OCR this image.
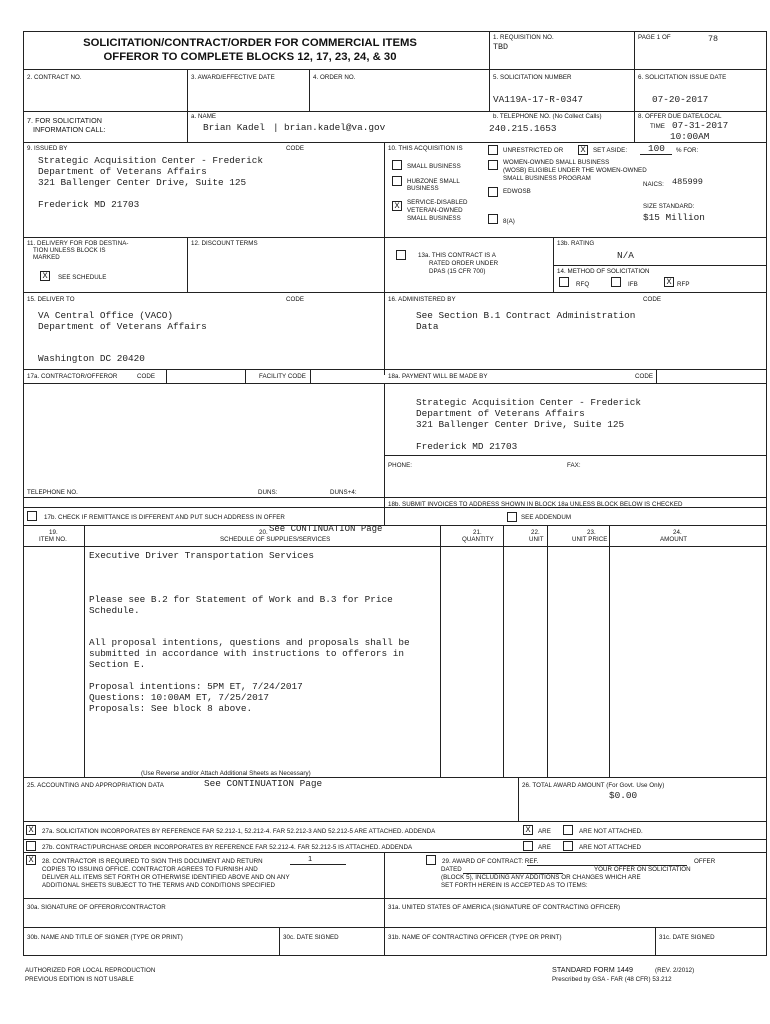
SOLICITATION/CONTRACT/ORDER FOR COMMERCIAL ITEMS
OFFEROR TO COMPLETE BLOCKS 12, 17, 23, 24, & 30
1. REQUISITION NO.
TBD
PAGE 1 OF	78
2. CONTRACT NO.	3. AWARD/EFFECTIVE DATE	4. ORDER NO.	5. SOLICITATION NUMBER
VA119A-17-R-0347
6. SOLICITATION ISSUE DATE
07-20-2017
7. FOR SOLICITATION
INFORMATION CALL:
a. NAME
Brian Kadel | brian.kadel@va.gov
b. TELEPHONE NO. (No Collect Calls)
240.215.1653
8. OFFER DUE DATE/LOCAL
TIME 07-31-2017
10:00AM
9. ISSUED BY	CODE
Strategic Acquisition Center - Frederick
Department of Veterans Affairs
321 Ballenger Center Drive, Suite 125
Frederick MD 21703
10. THIS ACQUISITION IS	UNRESTRICTED OR X	SET ASIDE: 100 % FOR:
SMALL BUSINESS
HUBZONE SMALL
BUSINESS
X	SERVICE-DISABLED
VETERAN-OWNED
SMALL BUSINESS
WOMEN-OWNED SMALL BUSINESS
(WOSB) ELIGIBLE UNDER THE WOMEN-OWNED
SMALL BUSINESS PROGRAM
EDWOSB
8(A)
NAICS: 485999
SIZE STANDARD:
$15 Million
11. DELIVERY FOR FOB DESTINA-
TION UNLESS BLOCK IS
MARKED
X	SEE SCHEDULE
12. DISCOUNT TERMS
13a. THIS CONTRACT IS A
RATED ORDER UNDER
DPAS (15 CFR 700)
13b. RATING
N/A
14. METHOD OF SOLICITATION
RFQ	IFB	X RFP
15. DELIVER TO	CODE
VA Central Office (VACO)
Department of Veterans Affairs
Washington DC 20420
16. ADMINISTERED BY	CODE
See Section B.1 Contract Administration
Data
17a. CONTRACTOR/OFFEROR	CODE	FACILITY CODE	18a. PAYMENT WILL BE MADE BY	CODE
Strategic Acquisition Center - Frederick
Department of Veterans Affairs
321 Ballenger Center Drive, Suite 125
Frederick MD 21703
PHONE:	FAX:
TELEPHONE NO.	DUNS:	DUNS+4:
17b. CHECK IF REMITTANCE IS DIFFERENT AND PUT SUCH ADDRESS IN OFFER
18b. SUBMIT INVOICES TO ADDRESS SHOWN IN BLOCK 18a UNLESS BLOCK BELOW IS CHECKED
SEE ADDENDUM
19.
ITEM NO.
20. See CONTINUATION Page
SCHEDULE OF SUPPLIES/SERVICES
21.
QUANTITY
22.
UNIT
23.
UNIT PRICE
24.
AMOUNT
Executive Driver Transportation Services
Please see B.2 for Statement of Work and B.3 for Price
Schedule.
All proposal intentions, questions and proposals shall be
submitted in accordance with instructions to offerors in
Section E.
Proposal intentions: 5PM ET, 7/24/2017
Questions: 10:00AM ET, 7/25/2017
Proposals: See block 8 above.
(Use Reverse and/or Attach Additional Sheets as Necessary)
25. ACCOUNTING AND APPROPRIATION DATA	See CONTINUATION Page	26. TOTAL AWARD AMOUNT (For Govt. Use Only)
$0.00
X	27a. SOLICITATION INCORPORATES BY REFERENCE FAR 52.212-1, 52.212-4. FAR 52.212-3 AND 52.212-5 ARE ATTACHED. ADDENDA	X	ARE	ARE NOT ATTACHED.
27b. CONTRACT/PURCHASE ORDER INCORPORATES BY REFERENCE FAR 52.212-4. FAR 52.212-5 IS ATTACHED. ADDENDA	ARE	ARE NOT ATTACHED
X	28. CONTRACTOR IS REQUIRED TO SIGN THIS DOCUMENT AND RETURN	1
COPIES TO ISSUING OFFICE. CONTRACTOR AGREES TO FURNISH AND
DELIVER ALL ITEMS SET FORTH OR OTHERWISE IDENTIFIED ABOVE AND ON ANY
ADDITIONAL SHEETS SUBJECT TO THE TERMS AND CONDITIONS SPECIFIED
29. AWARD OF CONTRACT: REF.	OFFER
DATED	YOUR OFFER ON SOLICITATION
(BLOCK 5), INCLUDING ANY ADDITIONS OR CHANGES WHICH ARE
SET FORTH HEREIN IS ACCEPTED AS TO ITEMS:
30a. SIGNATURE OF OFFEROR/CONTRACTOR	31a. UNITED STATES OF AMERICA (SIGNATURE OF CONTRACTING OFFICER)
30b. NAME AND TITLE OF SIGNER (TYPE OR PRINT)	30c. DATE SIGNED	31b. NAME OF CONTRACTING OFFICER (TYPE OR PRINT)	31c. DATE SIGNED
AUTHORIZED FOR LOCAL REPRODUCTION
PREVIOUS EDITION IS NOT USABLE
STANDARD FORM 1449	(REV. 2/2012)
Prescribed by GSA - FAR (48 CFR) 53.212
